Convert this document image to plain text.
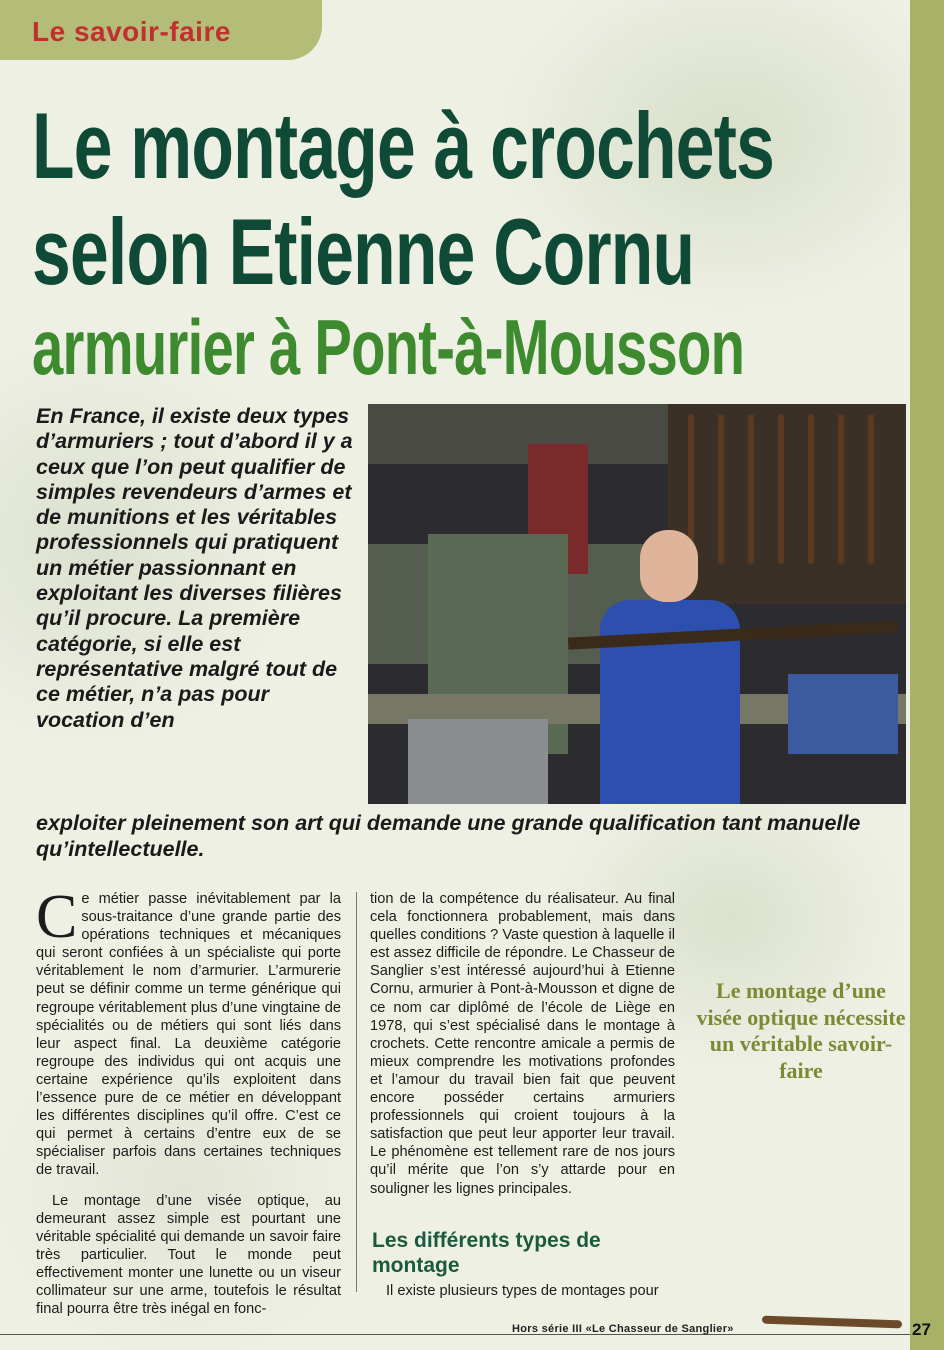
Le savoir-faire
Le montage à crochets
selon Etienne Cornu
armurier à Pont-à-Mousson
En France, il existe deux types d’armuriers ; tout d’abord il y a ceux que l’on peut qualifier de simples revendeurs d’armes et de munitions et les véritables professionnels qui pratiquent un métier passionnant en exploitant les diverses filières qu’il procure. La première catégorie, si elle est représentative malgré tout de ce métier, n’a pas pour vocation d’en
exploiter pleinement son art qui demande une grande qualification tant manuelle qu’intellectuelle.

Ce métier passe inévitablement par la sous-traitance d’une grande partie des opérations techniques et mécaniques qui seront confiées à un spécialiste qui porte véritablement le nom d’armurier. L’armurerie peut se définir comme un terme générique qui regroupe véritablement plus d’une vingtaine de spécialités ou de métiers qui sont liés dans leur aspect final. La deuxième catégorie regroupe des individus qui ont acquis une certaine expérience qu’ils exploitent dans l’essence pure de ce métier en développant les différentes disciplines qu’il offre. C’est ce qui permet à certains d’entre eux de se spécialiser parfois dans certaines techniques de travail.

Le montage d’une visée optique, au demeurant assez simple est pourtant une véritable spécialité qui demande un savoir faire très particulier. Tout le monde peut effectivement monter une lunette ou un viseur collimateur sur une arme, toutefois le résultat final pourra être très inégal en fonc-

tion de la compétence du réalisateur. Au final cela fonctionnera probablement, mais dans quelles conditions ? Vaste question à laquelle il est assez difficile de répondre. Le Chasseur de Sanglier s’est intéressé aujourd’hui à Etienne Cornu, armurier à Pont-à-Mousson et digne de ce nom car diplômé de l’école de Liège en 1978, qui s’est spécialisé dans le montage à crochets. Cette rencontre amicale a permis de mieux comprendre les motivations profondes et l’amour du travail bien fait que peuvent encore posséder certains armuriers professionnels qui croient toujours à la satisfaction que peut leur apporter leur travail. Le phénomène est tellement rare de nos jours qu’il mérite que l’on s’y attarde pour en souligner les lignes principales.

Les différents types de montage

Il existe plusieurs types de montages pour

Le montage d’une visée optique nécessite un véritable savoir-faire
Hors série III «Le Chasseur de Sanglier»	27
